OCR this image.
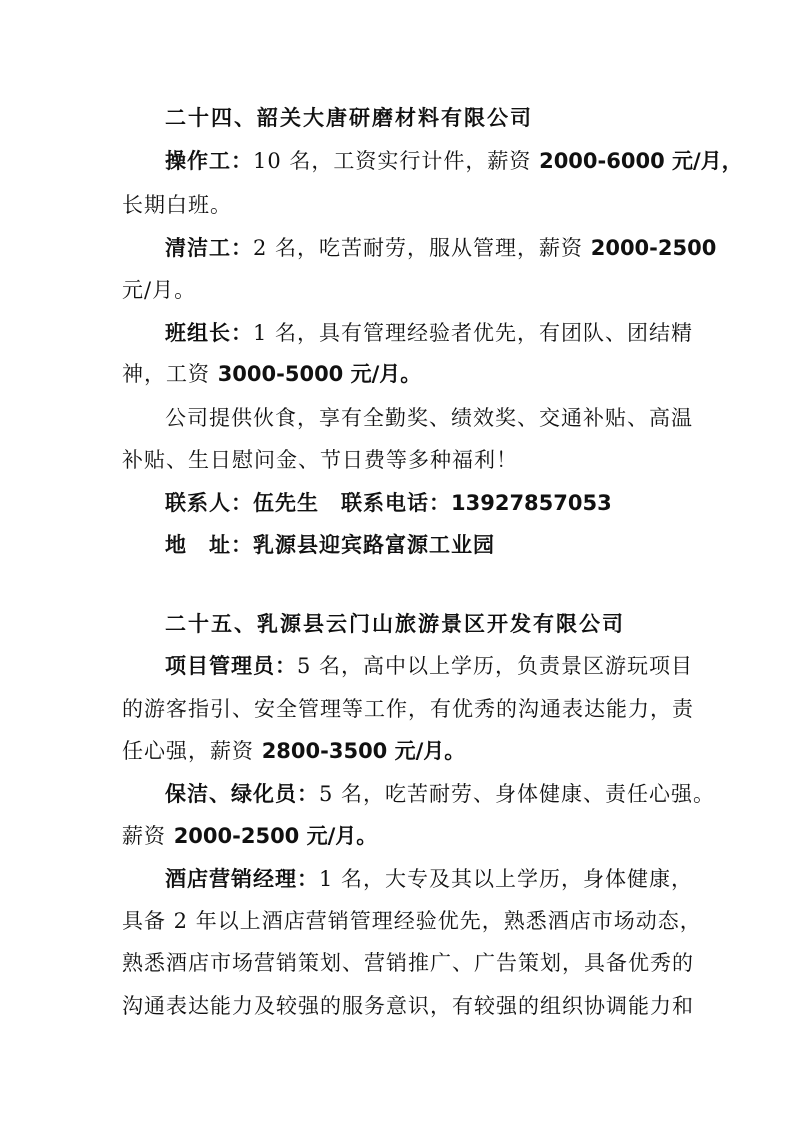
二十四、韶关大唐研磨材料有限公司
操作工：10 名，工资实行计件，薪资 2000-6000 元/月，
长期白班。
清洁工：2 名，吃苦耐劳，服从管理，薪资 2000-2500
元/月。
班组长：1 名，具有管理经验者优先，有团队、团结精
神，工资 3000-5000 元/月。
公司提供伙食，享有全勤奖、绩效奖、交通补贴、高温
补贴、生日慰问金、节日费等多种福利！
联系人：伍先生 联系电话：13927857053
地 址：乳源县迎宾路富源工业园
二十五、乳源县云门山旅游景区开发有限公司
项目管理员：5 名，高中以上学历，负责景区游玩项目
的游客指引、安全管理等工作，有优秀的沟通表达能力，责
任心强，薪资 2800-3500 元/月。
保洁、绿化员：5 名，吃苦耐劳、身体健康、责任心强。
薪资 2000-2500 元/月。
酒店营销经理：1 名，大专及其以上学历，身体健康，
具备 2 年以上酒店营销管理经验优先，熟悉酒店市场动态，
熟悉酒店市场营销策划、营销推广、广告策划，具备优秀的
沟通表达能力及较强的服务意识，有较强的组织协调能力和
